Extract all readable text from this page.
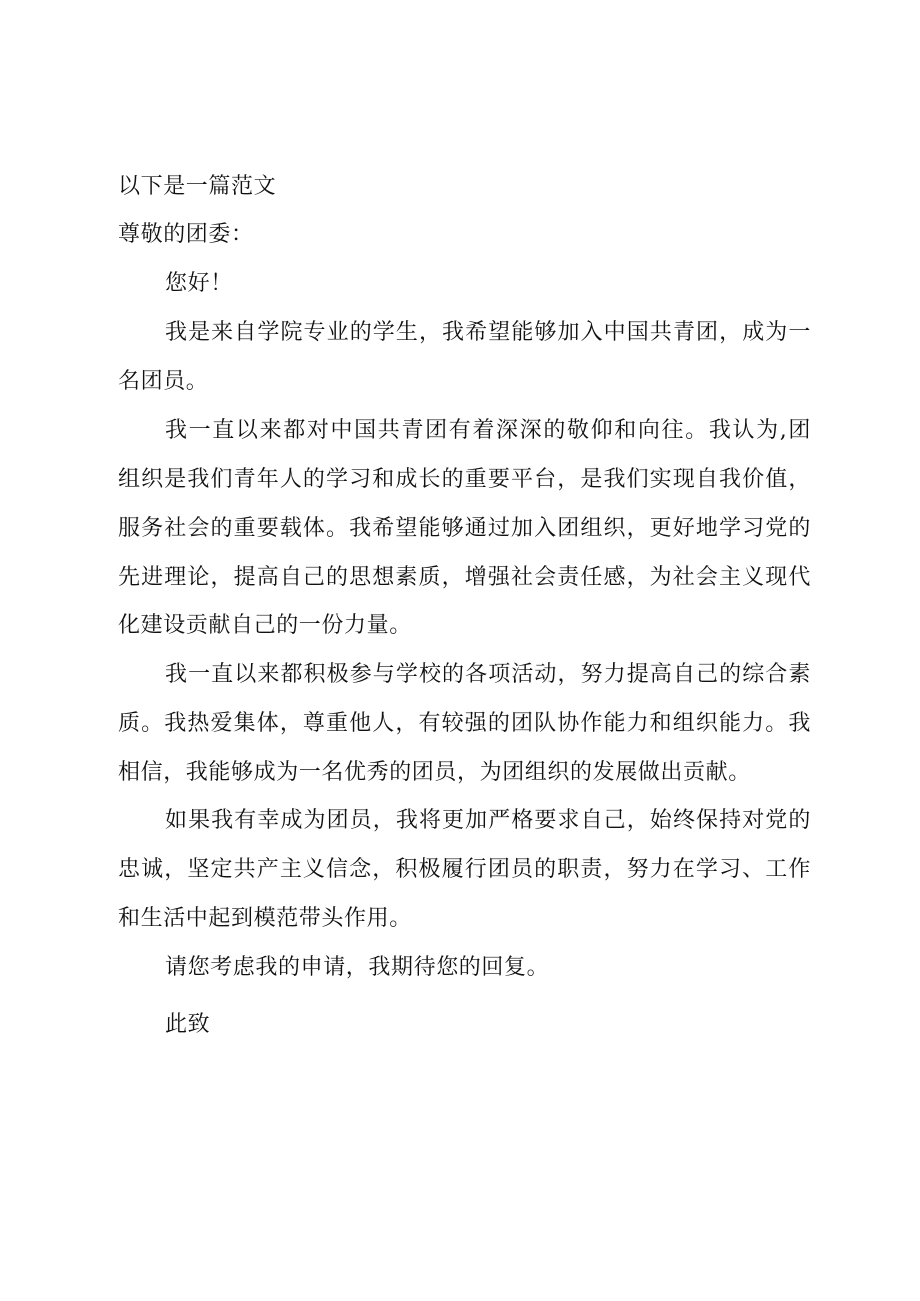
以下是一篇范文
尊敬的团委：
您好！
我是来自学院专业的学生，我希望能够加入中国共青团，成为一
名团员。
我一直以来都对中国共青团有着深深的敬仰和向往。我认为,团
组织是我们青年人的学习和成长的重要平台，是我们实现自我价值，
服务社会的重要载体。我希望能够通过加入团组织，更好地学习党的
先进理论，提高自己的思想素质，增强社会责任感，为社会主义现代
化建设贡献自己的一份力量。
我一直以来都积极参与学校的各项活动，努力提高自己的综合素
质。我热爱集体，尊重他人，有较强的团队协作能力和组织能力。我
相信，我能够成为一名优秀的团员，为团组织的发展做出贡献。
如果我有幸成为团员，我将更加严格要求自己，始终保持对党的
忠诚，坚定共产主义信念，积极履行团员的职责，努力在学习、工作
和生活中起到模范带头作用。
请您考虑我的申请，我期待您的回复。
此致
